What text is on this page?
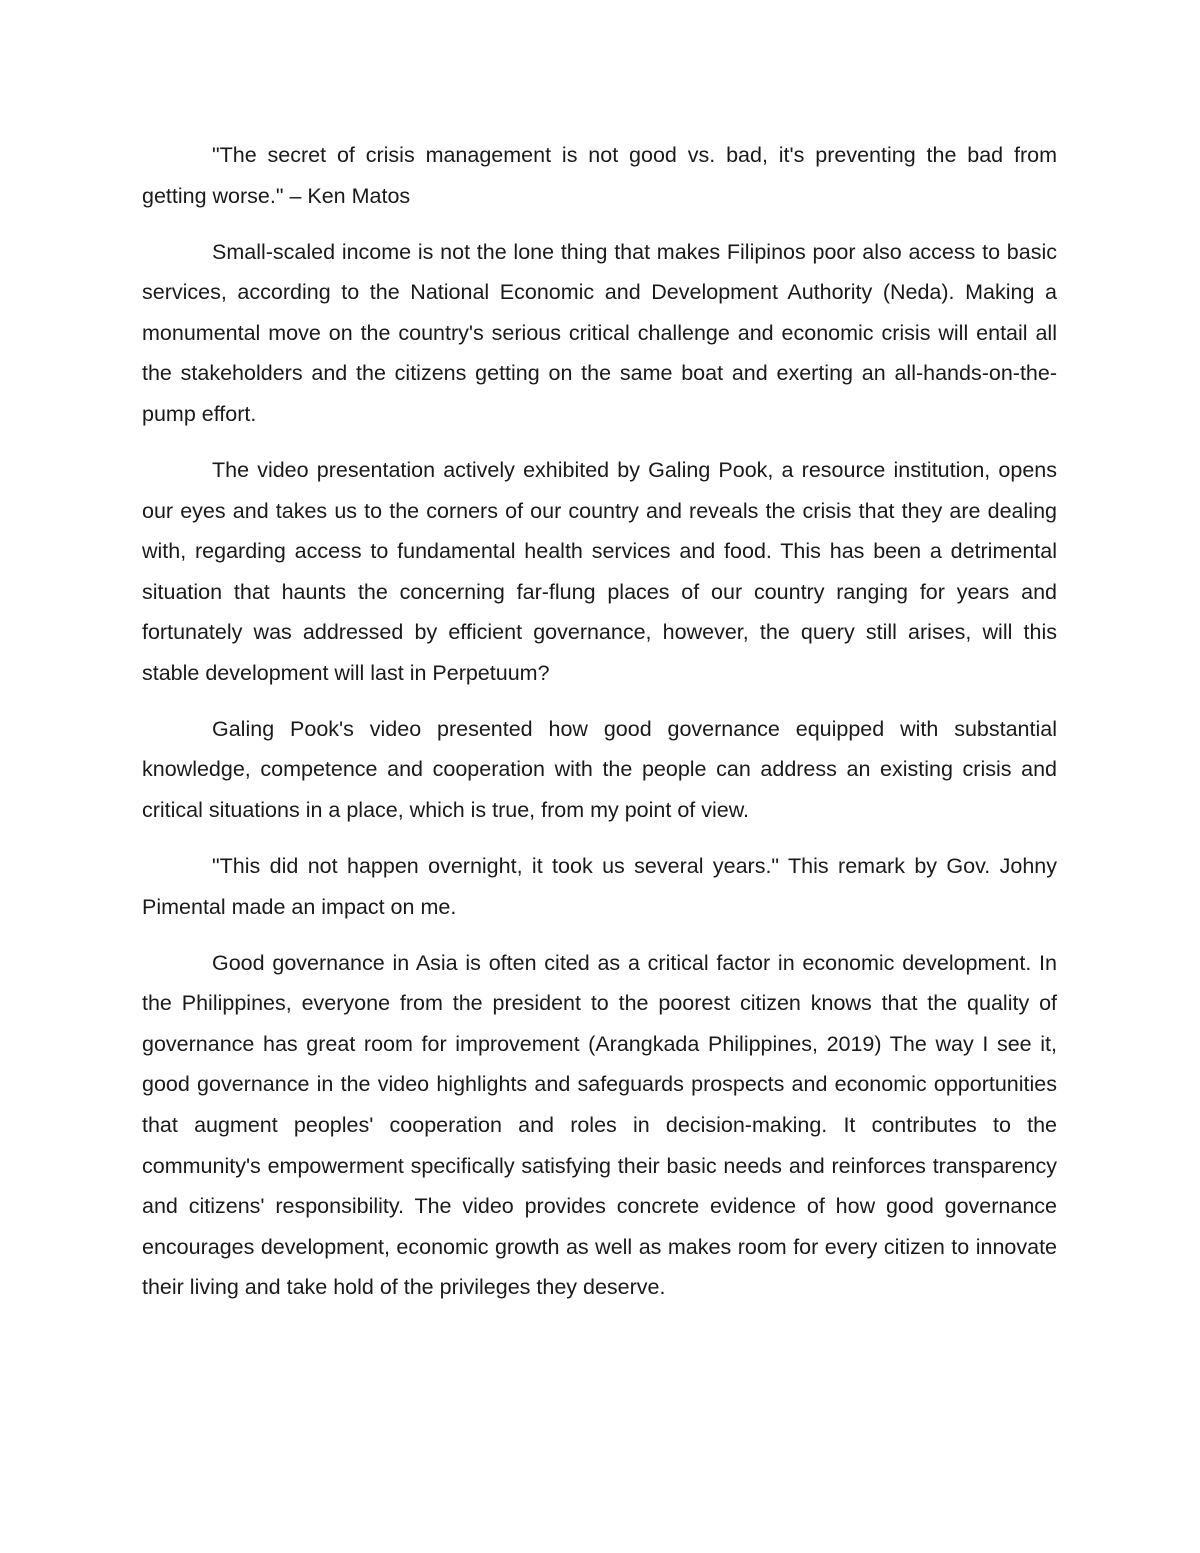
"The secret of crisis management is not good vs. bad, it's preventing the bad from getting worse." – Ken Matos

Small-scaled income is not the lone thing that makes Filipinos poor also access to basic services, according to the National Economic and Development Authority (Neda). Making a monumental move on the country's serious critical challenge and economic crisis will entail all the stakeholders and the citizens getting on the same boat and exerting an all-hands-on-the-pump effort.

The video presentation actively exhibited by Galing Pook, a resource institution, opens our eyes and takes us to the corners of our country and reveals the crisis that they are dealing with, regarding access to fundamental health services and food. This has been a detrimental situation that haunts the concerning far-flung places of our country ranging for years and fortunately was addressed by efficient governance, however, the query still arises, will this stable development will last in Perpetuum?

Galing Pook's video presented how good governance equipped with substantial knowledge, competence and cooperation with the people can address an existing crisis and critical situations in a place, which is true, from my point of view.

"This did not happen overnight, it took us several years." This remark by Gov. Johny Pimental made an impact on me.

Good governance in Asia is often cited as a critical factor in economic development. In the Philippines, everyone from the president to the poorest citizen knows that the quality of governance has great room for improvement (Arangkada Philippines, 2019) The way I see it, good governance in the video highlights and safeguards prospects and economic opportunities that augment peoples' cooperation and roles in decision-making. It contributes to the community's empowerment specifically satisfying their basic needs and reinforces transparency and citizens' responsibility. The video provides concrete evidence of how good governance encourages development, economic growth as well as makes room for every citizen to innovate their living and take hold of the privileges they deserve.
